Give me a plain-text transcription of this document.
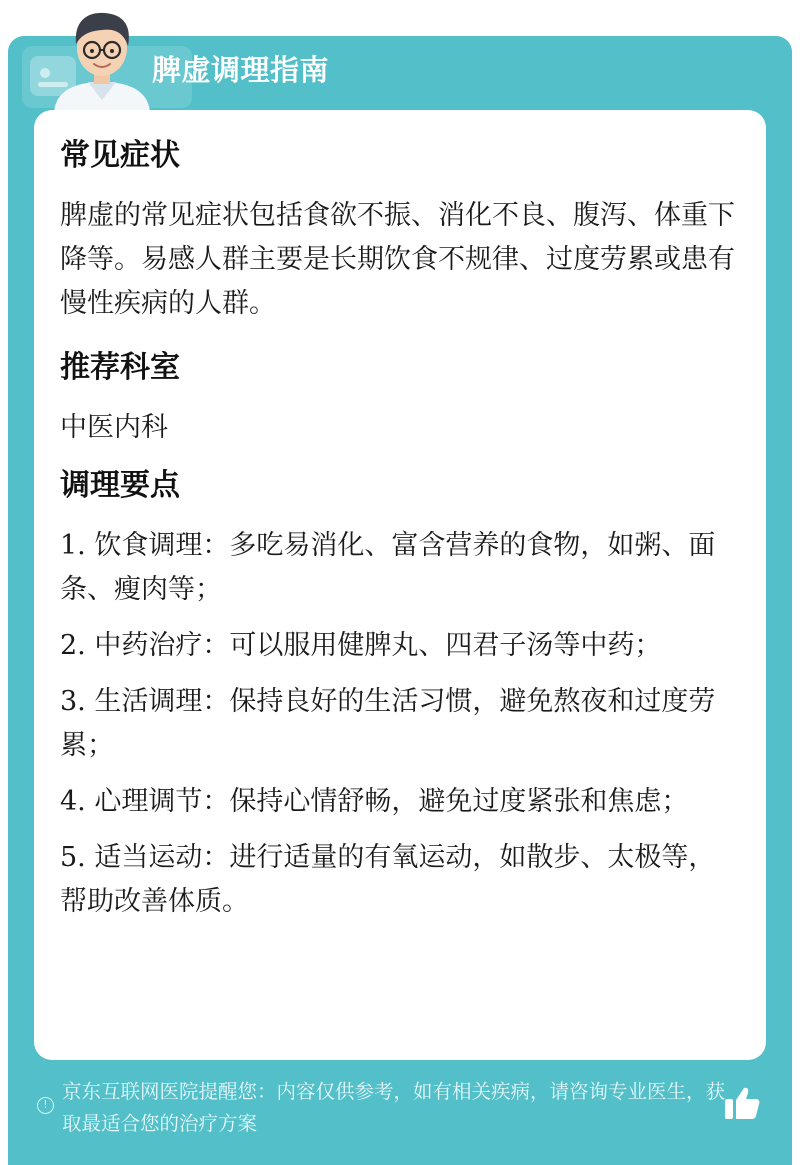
脾虚调理指南
常见症状

脾虚的常见症状包括食欲不振、消化不良、腹泻、体重下降等。易感人群主要是长期饮食不规律、过度劳累或患有慢性疾病的人群。

推荐科室

中医内科

调理要点
1. 饮食调理：多吃易消化、富含营养的食物，如粥、面条、瘦肉等；
2. 中药治疗：可以服用健脾丸、四君子汤等中药；
3. 生活调理：保持良好的生活习惯，避免熬夜和过度劳累；
4. 心理调节：保持心情舒畅，避免过度紧张和焦虑；
5. 适当运动：进行适量的有氧运动，如散步、太极等，帮助改善体质。
!
京东互联网医院提醒您：内容仅供参考，如有相关疾病，请咨询专业医生，获取最适合您的治疗方案
